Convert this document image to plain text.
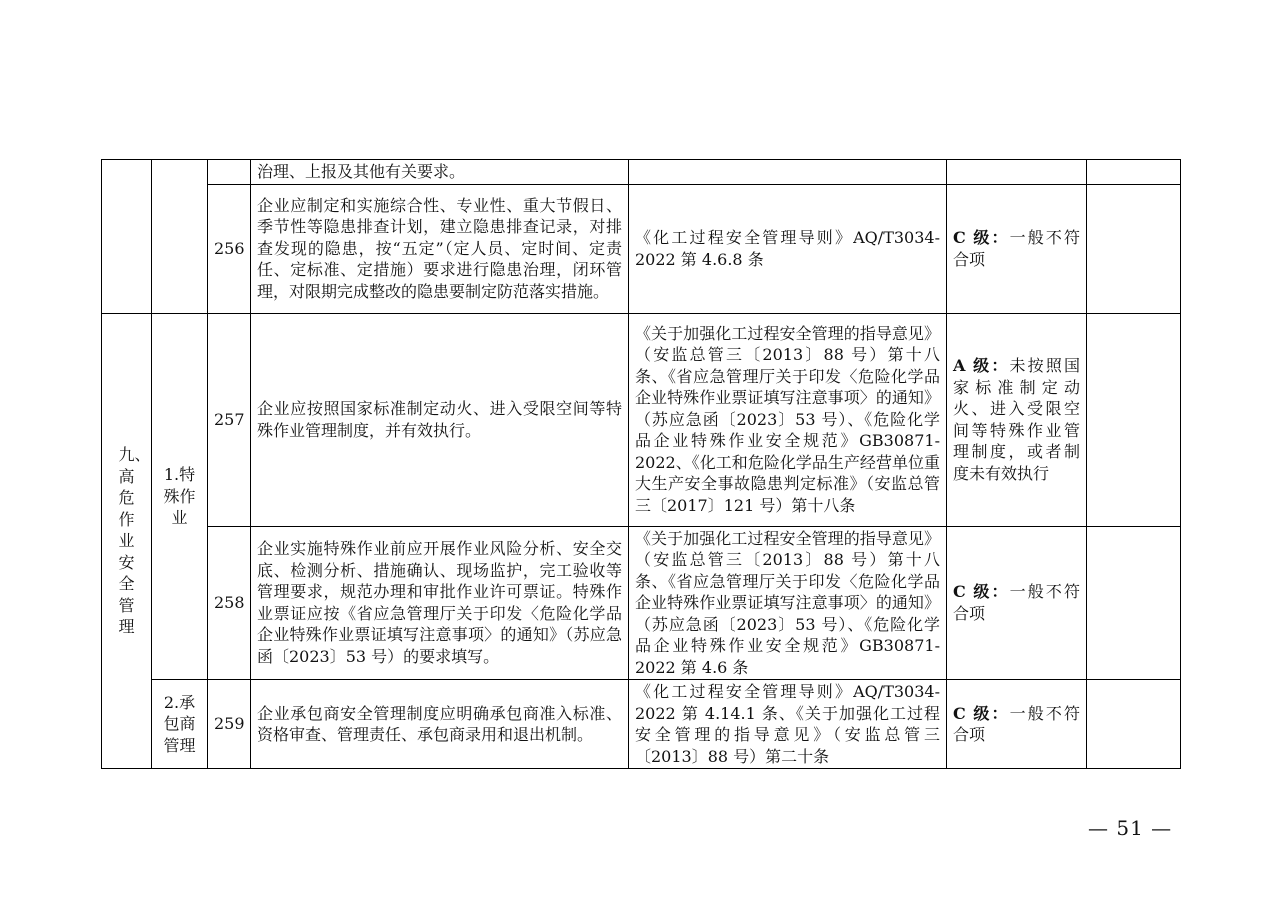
			治理、上报及其他有关要求。			
		256	企业应制定和实施综合性、专业性、重大节假日、季节性等隐患排查计划，建立隐患排查记录，对排查发现的隐患，按“五定”（定人员、定时间、定责任、定标准、定措施）要求进行隐患治理，闭环管理，对限期完成整改的隐患要制定防范落实措施。	《化工过程安全管理导则》AQ/T3034-2022 第 4.6.8 条	C 级：一般不符合项	
九、高危作业安全管理	1.特殊作业	257	企业应按照国家标准制定动火、进入受限空间等特殊作业管理制度，并有效执行。	《关于加强化工过程安全管理的指导意见》（安监总管三〔2013〕88 号）第十八条、《省应急管理厅关于印发〈危险化学品企业特殊作业票证填写注意事项〉的通知》（苏应急函〔2023〕53 号）、《危险化学品企业特殊作业安全规范》GB30871-2022、《化工和危险化学品生产经营单位重大生产安全事故隐患判定标准》（安监总管三〔2017〕121 号）第十八条	A 级：未按照国家标准制定动火、进入受限空间等特殊作业管理制度，或者制度未有效执行	
		258	企业实施特殊作业前应开展作业风险分析、安全交底、检测分析、措施确认、现场监护，完工验收等管理要求，规范办理和审批作业许可票证。特殊作业票证应按《省应急管理厅关于印发〈危险化学品企业特殊作业票证填写注意事项〉的通知》（苏应急函〔2023〕53 号）的要求填写。	《关于加强化工过程安全管理的指导意见》（安监总管三〔2013〕88 号）第十八条、《省应急管理厅关于印发〈危险化学品企业特殊作业票证填写注意事项〉的通知》（苏应急函〔2023〕53 号）、《危险化学品企业特殊作业安全规范》GB30871-2022 第 4.6 条	C 级：一般不符合项	
	2.承包商管理	259	企业承包商安全管理制度应明确承包商准入标准、资格审查、管理责任、承包商录用和退出机制。	《化工过程安全管理导则》AQ/T3034-2022 第 4.14.1 条、《关于加强化工过程安全管理的指导意见》（安监总管三〔2013〕88 号）第二十条	C 级：一般不符合项	
— 51 —
